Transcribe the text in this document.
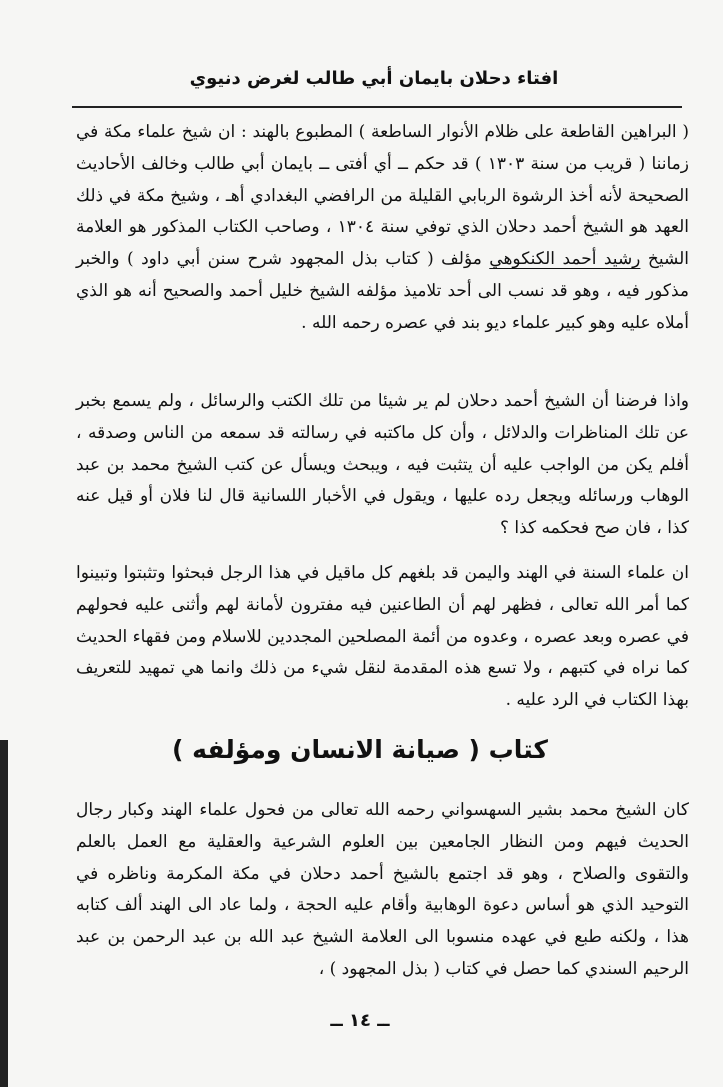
افتاء دحلان بايمان أبي طالب لغرض دنيوي
( البراهين القاطعة على ظلام الأنوار الساطعة ) المطبوع بالهند : ان شيخ علماء مكة في زماننا ( قريب من سنة ١٣٠٣ ) قد حكم ــ أي أفتى ــ بايمان أبي طالب وخالف الأحاديث الصحيحة لأنه أخذ الرشوة الربابي القليلة من الرافضي البغدادي أهـ ، وشيخ مكة في ذلك العهد هو الشيخ أحمد دحلان الذي توفي سنة ١٣٠٤ ، وصاحب الكتاب المذكور هو العلامة الشيخ رشيد أحمد الكنكوهي مؤلف ( كتاب بذل المجهود شرح سنن أبي داود ) والخبر مذكور فيه ، وهو قد نسب الى أحد تلاميذ مؤلفه الشيخ خليل أحمد والصحيح أنه هو الذي أملاه عليه وهو كبير علماء ديو بند في عصره رحمه الله .
واذا فرضنا أن الشيخ أحمد دحلان لم ير شيئا من تلك الكتب والرسائل ، ولم يسمع بخبر عن تلك المناظرات والدلائل ، وأن كل ماكتبه في رسالته قد سمعه من الناس وصدقه ، أفلم يكن من الواجب عليه أن يتثبت فيه ، ويبحث ويسأل عن كتب الشيخ محمد بن عبد الوهاب ورسائله ويجعل رده عليها ، ويقول في الأخبار اللسانية قال لنا فلان أو قيل عنه كذا ، فان صح فحكمه كذا ؟
ان علماء السنة في الهند واليمن قد بلغهم كل ماقيل في هذا الرجل فبحثوا وتثبتوا وتبينوا كما أمر الله تعالى ، فظهر لهم أن الطاعنين فيه مفترون لأمانة لهم وأثنى عليه فحولهم في عصره وبعد عصره ، وعدوه من أئمة المصلحين المجددين للاسلام ومن فقهاء الحديث كما نراه في كتبهم ، ولا تسع هذه المقدمة لنقل شيء من ذلك وانما هي تمهيد للتعريف بهذا الكتاب في الرد عليه .
كتاب ( صيانة الانسان ومؤلفه )
كان الشيخ محمد بشير السهسواني رحمه الله تعالى من فحول علماء الهند وكبار رجال الحديث فيهم ومن النظار الجامعين بين العلوم الشرعية والعقلية مع العمل بالعلم والتقوى والصلاح ، وهو قد اجتمع بالشيخ أحمد دحلان في مكة المكرمة وناظره في التوحيد الذي هو أساس دعوة الوهابية وأقام عليه الحجة ، ولما عاد الى الهند ألف كتابه هذا ، ولكنه طبع في عهده منسوبا الى العلامة الشيخ عبد الله بن عبد الرحمن بن عبد الرحيم السندي كما حصل في كتاب ( بذل المجهود ) ،
ــ ١٤ ــ
